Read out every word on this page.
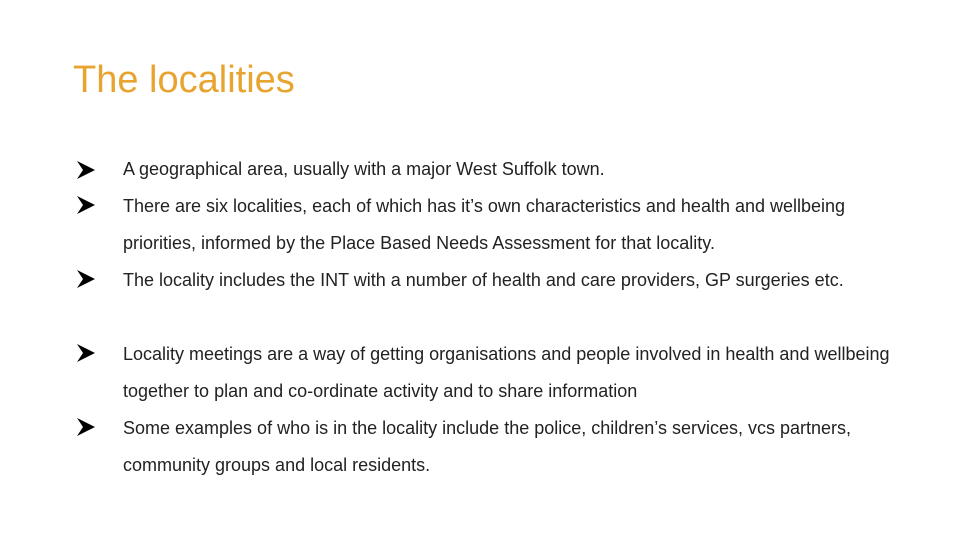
The localities
A geographical area, usually with a major West Suffolk town.
There are six localities, each of which has it’s own characteristics and health and wellbeing priorities, informed by the Place Based Needs Assessment for that locality.
The locality includes the INT with a number of health and care providers, GP surgeries etc.
Locality meetings are a way of getting organisations and people involved in health and wellbeing together to plan and co-ordinate activity and to share information
Some examples of who is in the locality include the police, children’s services, vcs partners, community groups and local residents.
